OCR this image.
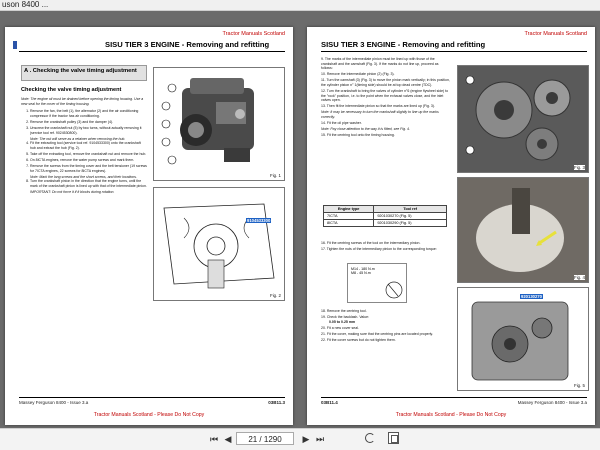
uson 8400 ...
Tractor Manuals Scotland
SISU TIER 3 ENGINE - Removing and refitting
A . Checking the valve timing adjustment
Checking the valve timing adjustment
Note: The engine oil must be drained before opening the timing housing. Use a new seal for the cover of the timing housing.
1. Remove the fan, the belt (1), the alternator (2) and the air conditioning compressor if the tractor has air conditioning.
2. Remove the crankshaft pulley (3) and the damper (4).
3. Unscrew the crankshaft nut (5) by two turns, without actually removing it (service tool ref. 9024530800).
Note: The nut will serve as a retainer when removing the hub.
4. Fit the extracting tool (service tool ref. 9104533300) onto the crankshaft hub and extract the hub (Fig. 2).
5. Take off the extracting tool, remove the crankshaft nut and remove the hub.
6. On 8ICTA engines, remove the water pump screws and mark them.
7. Remove the screws from the timing cover and the belt tensioner (19 screws for 7ICTA engines, 22 screws for 8ICTA engines).
Note: Mark the long screws and the short screws, and their locations.
8. Turn the crankshaft pinion in the direction that the engine turns, until the mark of the crankshaft pinion is lined up with that of the intermediate pinion.
IMPORTANT: Do not force it if it blocks during rotation.
Fig. 1
9104533300
Fig. 2
Massey Ferguson 8400 - Issue 3.a	03B11.3
Tractor Manuals Scotland - Please Do Not Copy
Tractor Manuals Scotland
SISU TIER 3 ENGINE - Removing and refitting
9. The marks of the intermediate pinion must be lined up with those of the crankshaft and the camshaft (Fig. 3). If the marks do not line up, proceed as follows:
10. Remove the intermediate pinion (2) (Fig. 3).
11. Turn the camshaft (3) (Fig. 3) to move the pinion mark vertically; in this position, the cylinder piston n° 1(timing side) should be at top dead centre (TDC).
12. Turn the crankshaft to bring the valves of cylinder n°6 (engine flywheel side) to the "rock" position, i.e. to the point when the exhaust valves close, and the inlet valves open.
13. Then fit the intermediate pinion so that the marks are lined up (Fig. 3).
Note: It may be necessary to turn the crankshaft slightly to line up the marks correctly.
14. Fit the oil pipe washer.
Note: Pay close attention to the way it is fitted, see Fig. 4.
15. Fit the centring tool onto the timing housing.
Engine type	Tool ref
7ICTA	9201030270 (Fig. 5)
8ICTA	9201030290 (Fig. 5)
16. Fit the centring screws of the tool on the intermediary pinion.
17. Tighten the nuts of the intermediary pinion to the corresponding torque:
M14 - 180 N.m
M8 - 45 N.m
18. Remove the centring tool.
19. Check the backlash. Value:
0.05 to 0.25 mm
20. Fit a new cover seal.
21. Fit the cover, making sure that the centring pins are located properly.
22. Fit the cover screws but do not tighten them.
Fig. 3
Fig. 4
920130270
Fig. 5
03B11.4	Massey Ferguson 8400 - Issue 3.a
Tractor Manuals Scotland - Please Do Not Copy
⏮ ◀	21 / 1290	▶ ⏭
